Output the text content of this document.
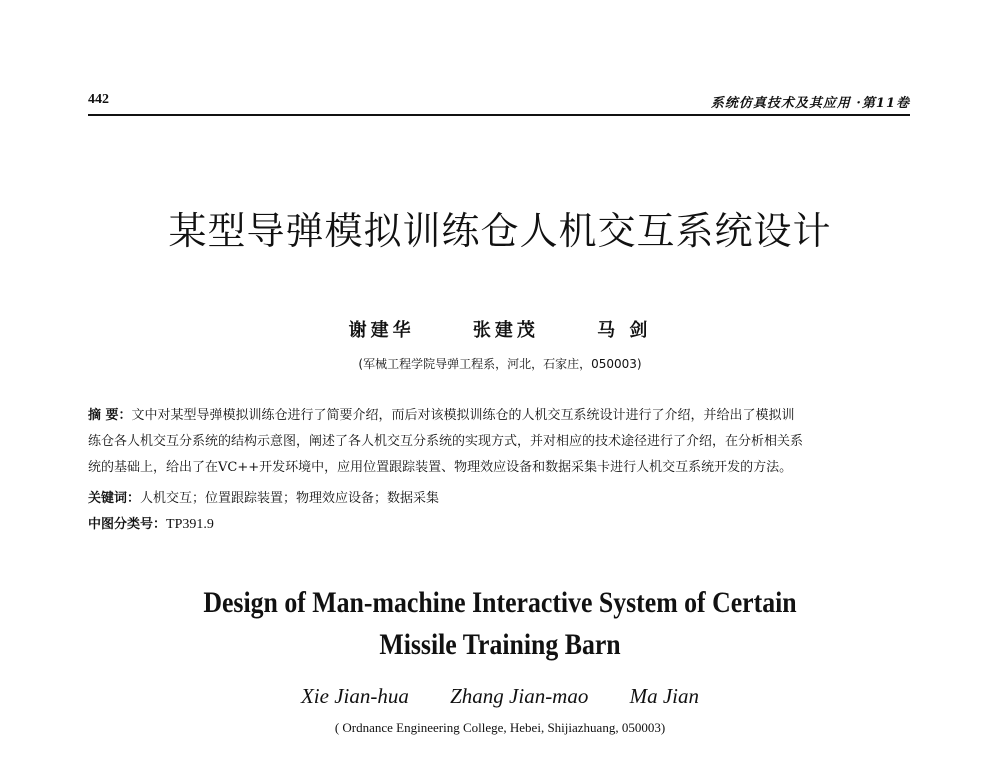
442	系统仿真技术及其应用 ·第11卷
某型导弹模拟训练仓人机交互系统设计
谢建华	张建茂	马 剑
(军械工程学院导弹工程系，河北，石家庄，050003)
摘 要：文中对某型导弹模拟训练仓进行了简要介绍，而后对该模拟训练仓的人机交互系统设计进行了介绍，并给出了模拟训
练仓各人机交互分系统的结构示意图，阐述了各人机交互分系统的实现方式，并对相应的技术途径进行了介绍，在分析相关系
统的基础上，给出了在VC++开发环境中，应用位置跟踪装置、物理效应设备和数据采集卡进行人机交互系统开发的方法。
关键词：人机交互；位置跟踪装置；物理效应设备；数据采集
中图分类号：TP391.9
Design of Man-machine Interactive System of Certain
Missile Training Barn
Xie Jian-hua Zhang Jian-mao Ma Jian
( Ordnance Engineering College, Hebei, Shijiazhuang, 050003)
